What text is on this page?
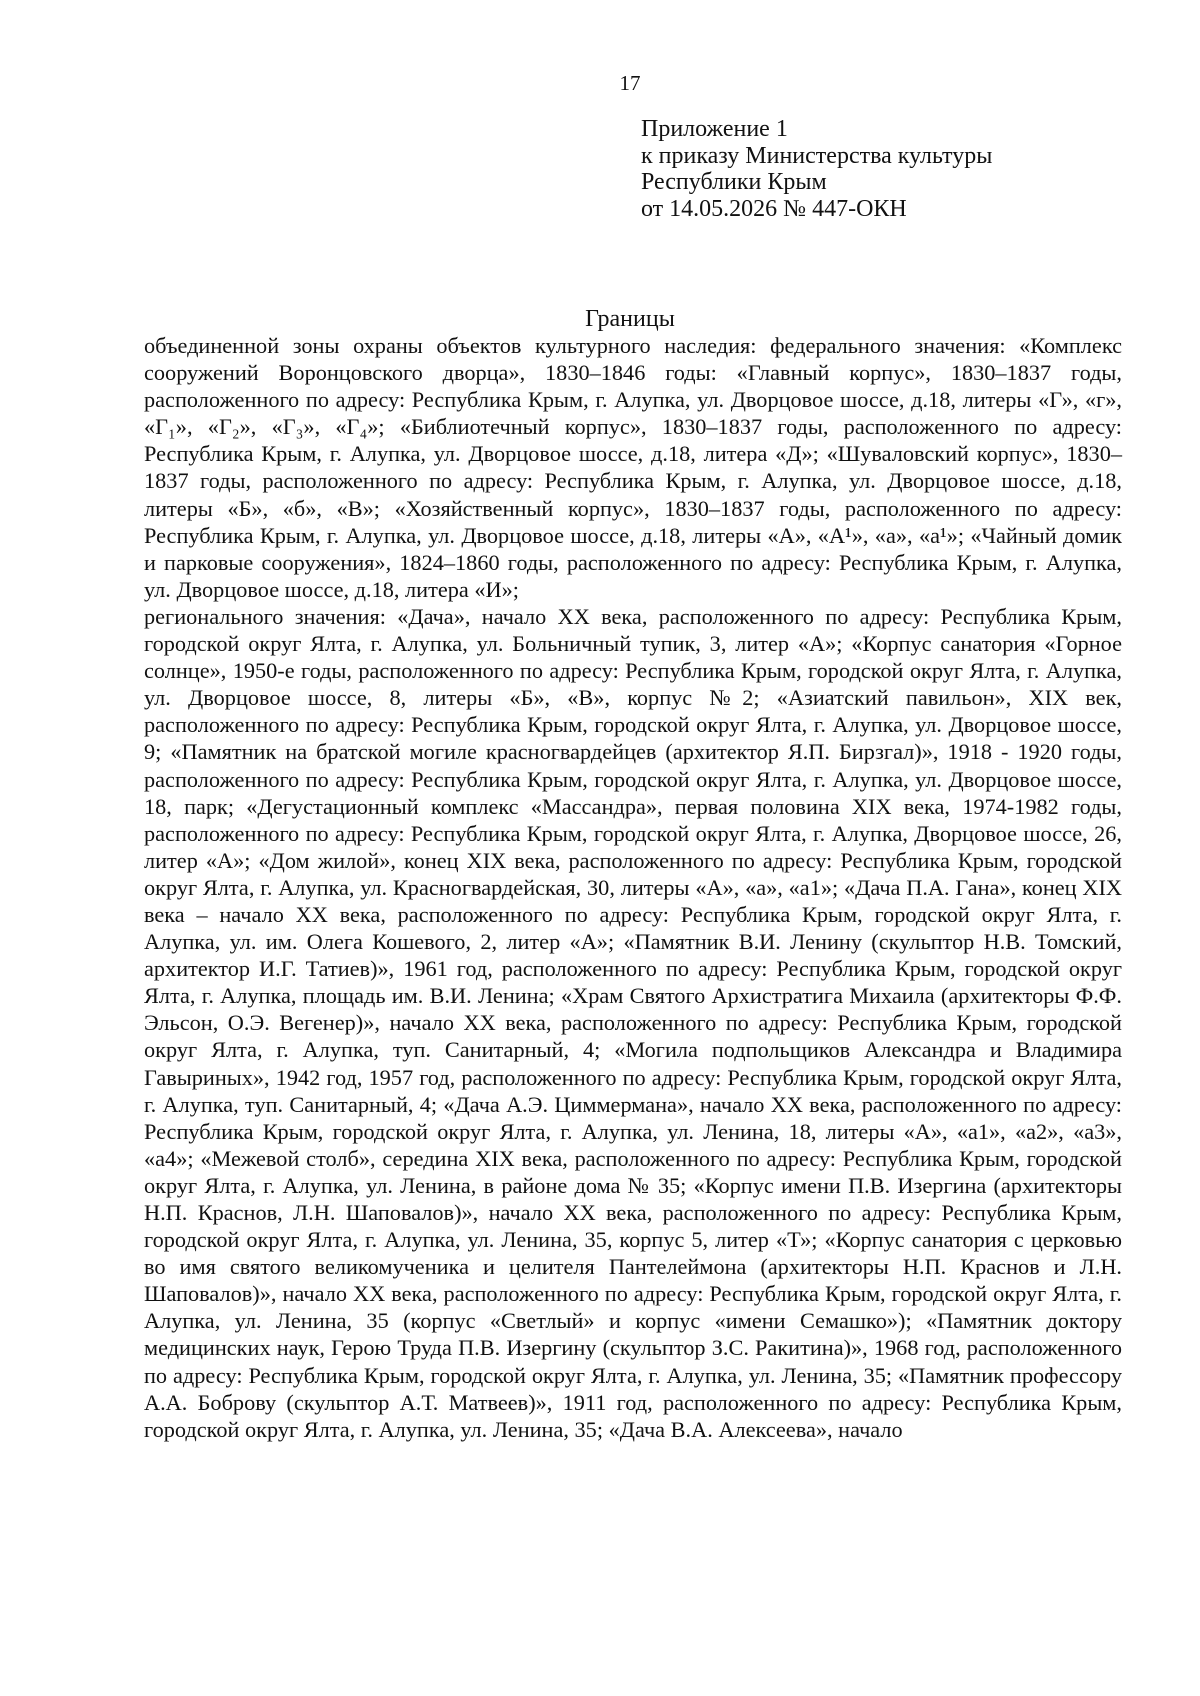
17
Приложение 1
к приказу Министерства культуры
Республики Крым
от 14.05.2026 № 447-ОКН
Границы

объединенной зоны охраны объектов культурного наследия: федерального значения: «Комплекс сооружений Воронцовского дворца», 1830–1846 годы: «Главный корпус», 1830–1837 годы, расположенного по адресу: Республика Крым, г. Алупка, ул. Дворцовое шоссе, д.18, литеры «Г», «г», «Г₁», «Г₂», «Г₃», «Г₄»; «Библиотечный корпус», 1830–1837 годы, расположенного по адресу: Республика Крым, г. Алупка, ул. Дворцовое шоссе, д.18, литера «Д»; «Шуваловский корпус», 1830–1837 годы, расположенного по адресу: Республика Крым, г. Алупка, ул. Дворцовое шоссе, д.18, литеры «Б», «б», «В»; «Хозяйственный корпус», 1830–1837 годы, расположенного по адресу: Республика Крым, г. Алупка, ул. Дворцовое шоссе, д.18, литеры «А», «А¹», «а», «а¹»; «Чайный домик и парковые сооружения», 1824–1860 годы, расположенного по адресу: Республика Крым, г. Алупка, ул. Дворцовое шоссе, д.18, литера «И»;

регионального значения: «Дача», начало XX века, расположенного по адресу: Республика Крым, городской округ Ялта, г. Алупка, ул. Больничный тупик, 3, литер «А»; «Корпус санатория «Горное солнце», 1950-е годы, расположенного по адресу: Республика Крым, городской округ Ялта, г. Алупка, ул. Дворцовое шоссе, 8, литеры «Б», «В», корпус №2; «Азиатский павильон», XIX век, расположенного по адресу: Республика Крым, городской округ Ялта, г. Алупка, ул. Дворцовое шоссе, 9; «Памятник на братской могиле красногвардейцев (архитектор Я.П. Бирзгал)», 1918 - 1920 годы, расположенного по адресу: Республика Крым, городской округ Ялта, г. Алупка, ул. Дворцовое шоссе, 18, парк; «Дегустационный комплекс «Массандра», первая половина XIX века, 1974-1982 годы, расположенного по адресу: Республика Крым, городской округ Ялта, г. Алупка, Дворцовое шоссе, 26, литер «А»; «Дом жилой», конец XIX века, расположенного по адресу: Республика Крым, городской округ Ялта, г. Алупка, ул. Красногвардейская, 30, литеры «А», «а», «а1»; «Дача П.А. Гана», конец XIX века – начало XX века, расположенного по адресу: Республика Крым, городской округ Ялта, г. Алупка, ул. им. Олега Кошевого, 2, литер «А»; «Памятник В.И. Ленину (скульптор Н.В. Томский, архитектор И.Г. Татиев)», 1961 год, расположенного по адресу: Республика Крым, городской округ Ялта, г. Алупка, площадь им. В.И. Ленина; «Храм Святого Архистратига Михаила (архитекторы Ф.Ф. Эльсон, О.Э. Вегенер)», начало XX века, расположенного по адресу: Республика Крым, городской округ Ялта, г. Алупка, туп. Санитарный, 4; «Могила подпольщиков Александра и Владимира Гавыриных», 1942 год, 1957 год, расположенного по адресу: Республика Крым, городской округ Ялта, г. Алупка, туп. Санитарный, 4; «Дача А.Э. Циммермана», начало XX века, расположенного по адресу: Республика Крым, городской округ Ялта, г. Алупка, ул. Ленина, 18, литеры «А», «а1», «а2», «а3», «а4»; «Межевой столб», середина XIX века, расположенного по адресу: Республика Крым, городской округ Ялта, г. Алупка, ул. Ленина, в районе дома № 35; «Корпус имени П.В. Изергина (архитекторы Н.П. Краснов, Л.Н. Шаповалов)», начало XX века, расположенного по адресу: Республика Крым, городской округ Ялта, г. Алупка, ул. Ленина, 35, корпус 5, литер «Т»; «Корпус санатория с церковью во имя святого великомученика и целителя Пантелеймона (архитекторы Н.П. Краснов и Л.Н. Шаповалов)», начало XX века, расположенного по адресу: Республика Крым, городской округ Ялта, г. Алупка, ул. Ленина, 35 (корпус «Светлый» и корпус «имени Семашко»); «Памятник доктору медицинских наук, Герою Труда П.В. Изергину (скульптор З.С. Ракитина)», 1968 год, расположенного по адресу: Республика Крым, городской округ Ялта, г. Алупка, ул. Ленина, 35; «Памятник профессору А.А. Боброву (скульптор А.Т. Матвеев)», 1911 год, расположенного по адресу: Республика Крым, городской округ Ялта, г. Алупка, ул. Ленина, 35; «Дача В.А. Алексеева», начало
